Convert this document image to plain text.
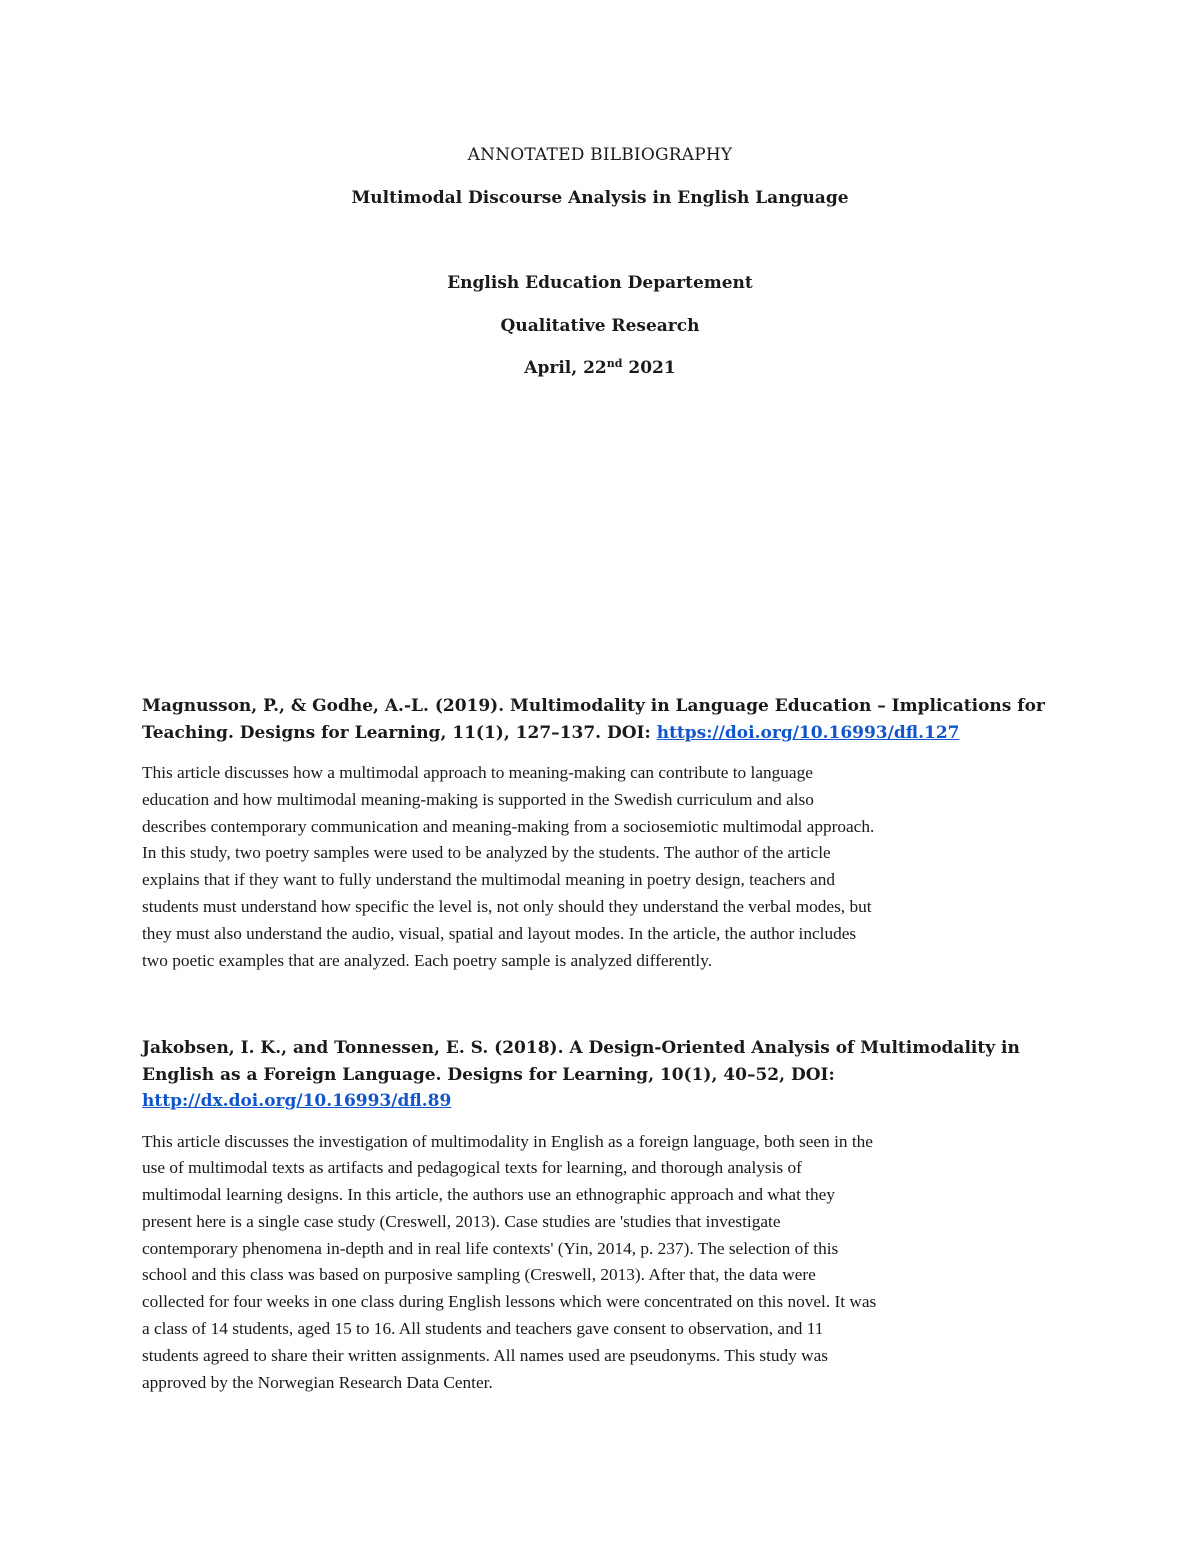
ANNOTATED BILBIOGRAPHY
Multimodal Discourse Analysis in English Language
English Education Departement
Qualitative Research
April, 22nd 2021

Magnusson, P., & Godhe, A.-L. (2019). Multimodality in Language Education – Implications for Teaching. Designs for Learning, 11(1), 127–137. DOI: https://doi.org/10.16993/dfl.127

This article discusses how a multimodal approach to meaning-making can contribute to language
education and how multimodal meaning-making is supported in the Swedish curriculum and also
describes contemporary communication and meaning-making from a sociosemiotic multimodal approach.
In this study, two poetry samples were used to be analyzed by the students. The author of the article
explains that if they want to fully understand the multimodal meaning in poetry design, teachers and
students must understand how specific the level is, not only should they understand the verbal modes, but
they must also understand the audio, visual, spatial and layout modes. In the article, the author includes
two poetic examples that are analyzed. Each poetry sample is analyzed differently.

Jakobsen, I. K., and Tonnessen, E. S. (2018). A Design-Oriented Analysis of Multimodality in English as a Foreign Language. Designs for Learning, 10(1), 40–52, DOI: http://dx.doi.org/10.16993/dfl.89

This article discusses the investigation of multimodality in English as a foreign language, both seen in the
use of multimodal texts as artifacts and pedagogical texts for learning, and thorough analysis of
multimodal learning designs. In this article, the authors use an ethnographic approach and what they
present here is a single case study (Creswell, 2013). Case studies are 'studies that investigate
contemporary phenomena in-depth and in real life contexts' (Yin, 2014, p. 237). The selection of this
school and this class was based on purposive sampling (Creswell, 2013). After that, the data were
collected for four weeks in one class during English lessons which were concentrated on this novel. It was
a class of 14 students, aged 15 to 16. All students and teachers gave consent to observation, and 11
students agreed to share their written assignments. All names used are pseudonyms. This study was
approved by the Norwegian Research Data Center.
